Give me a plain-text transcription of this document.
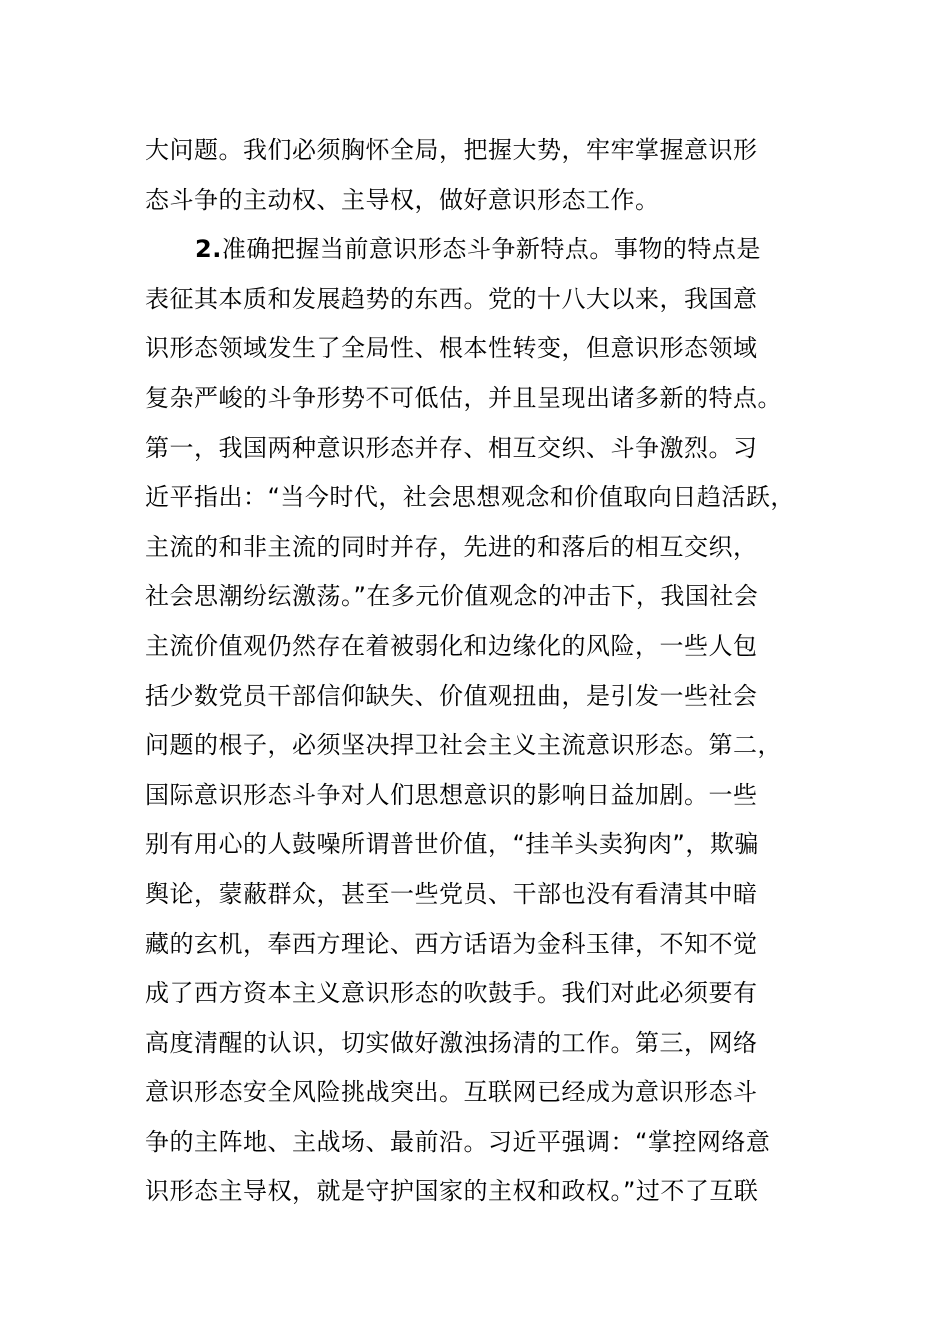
大问题。我们必须胸怀全局，把握大势，牢牢掌握意识形
态斗争的主动权、主导权，做好意识形态工作。
2.准确把握当前意识形态斗争新特点。事物的特点是
表征其本质和发展趋势的东西。党的十八大以来，我国意
识形态领域发生了全局性、根本性转变，但意识形态领域
复杂严峻的斗争形势不可低估，并且呈现出诸多新的特点。
第一，我国两种意识形态并存、相互交织、斗争激烈。习
近平指出：“当今时代，社会思想观念和价值取向日趋活跃，
主流的和非主流的同时并存，先进的和落后的相互交织，
社会思潮纷纭激荡。”在多元价值观念的冲击下，我国社会
主流价值观仍然存在着被弱化和边缘化的风险，一些人包
括少数党员干部信仰缺失、价值观扭曲，是引发一些社会
问题的根子，必须坚决捍卫社会主义主流意识形态。第二，
国际意识形态斗争对人们思想意识的影响日益加剧。一些
别有用心的人鼓噪所谓普世价值，“挂羊头卖狗肉”，欺骗
舆论，蒙蔽群众，甚至一些党员、干部也没有看清其中暗
藏的玄机，奉西方理论、西方话语为金科玉律，不知不觉
成了西方资本主义意识形态的吹鼓手。我们对此必须要有
高度清醒的认识，切实做好激浊扬清的工作。第三，网络
意识形态安全风险挑战突出。互联网已经成为意识形态斗
争的主阵地、主战场、最前沿。习近平强调：“掌控网络意
识形态主导权，就是守护国家的主权和政权。”过不了互联
